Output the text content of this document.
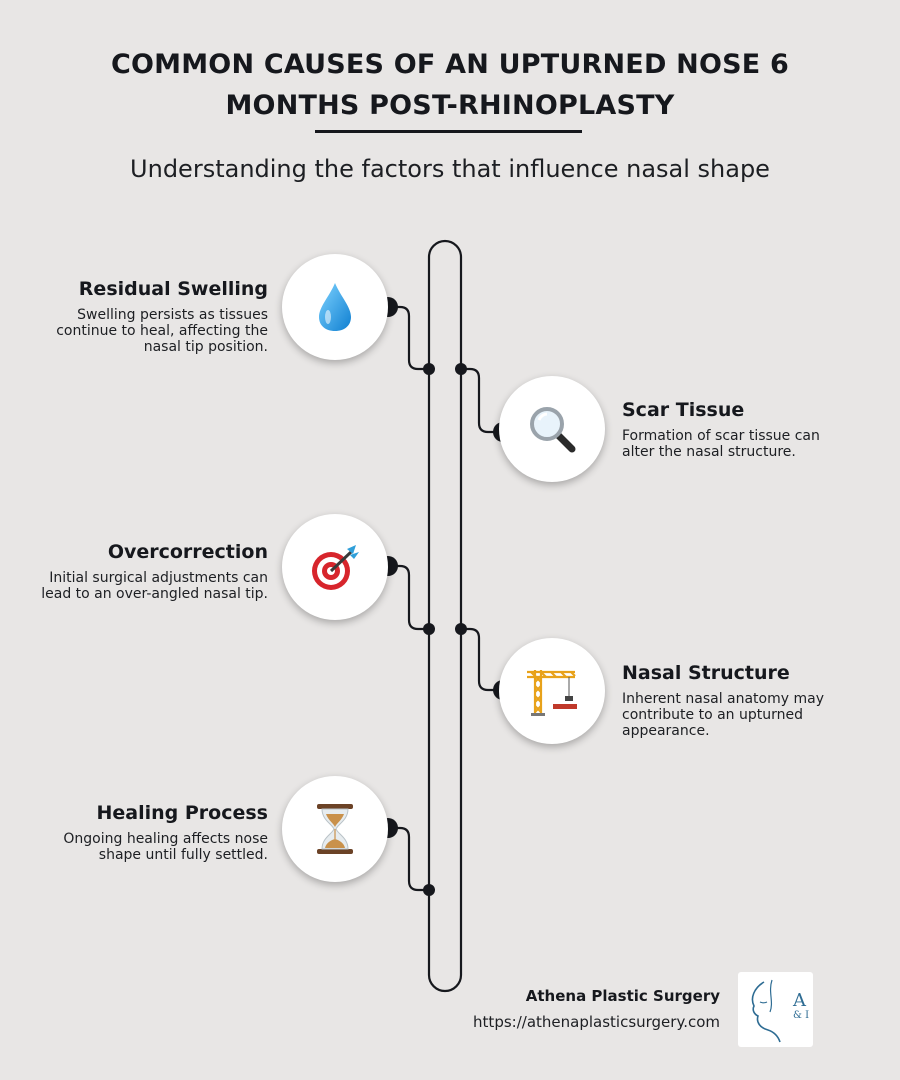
COMMON CAUSES OF AN UPTURNED NOSE 6 MONTHS POST-RHINOPLASTY
Understanding the factors that influence nasal shape
Residual Swelling

Swelling persists as tissues continue to heal, affecting the nasal tip position.

Scar Tissue

Formation of scar tissue can alter the nasal structure.

Overcorrection

Initial surgical adjustments can lead to an over-angled nasal tip.

Nasal Structure

Inherent nasal anatomy may contribute to an upturned appearance.

Healing Process

Ongoing healing affects nose shape until fully settled.

Athena Plastic Surgery
https://athenaplasticsurgery.com
A
& I
